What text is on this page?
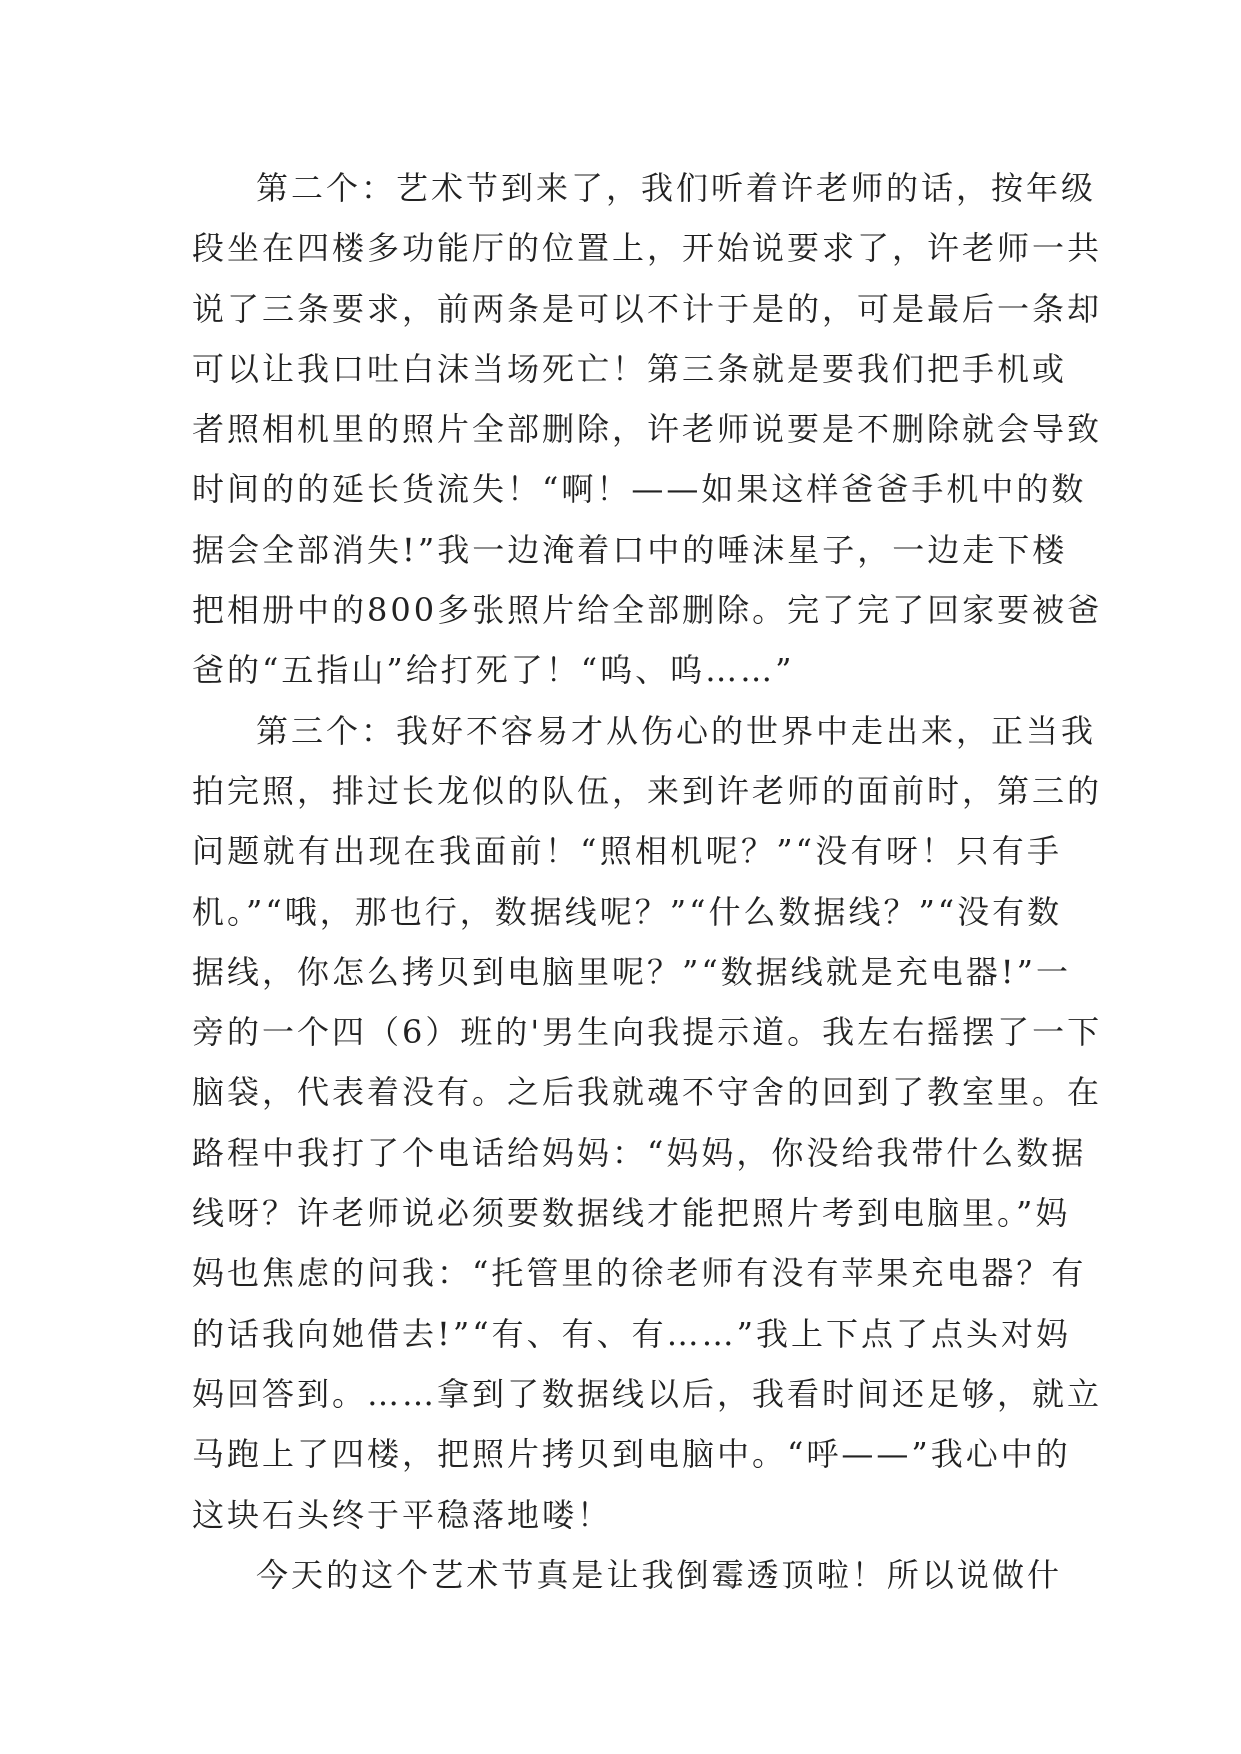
第二个：艺术节到来了，我们听着许老师的话，按年级
段坐在四楼多功能厅的位置上，开始说要求了，许老师一共
说了三条要求，前两条是可以不计于是的，可是最后一条却
可以让我口吐白沫当场死亡！第三条就是要我们把手机或
者照相机里的照片全部删除，许老师说要是不删除就会导致
时间的的延长货流失！“啊！——如果这样爸爸手机中的数
据会全部消失!”我一边淹着口中的唾沫星子，一边走下楼
把相册中的800多张照片给全部删除。完了完了回家要被爸
爸的“五指山”给打死了！“呜、呜……”
第三个：我好不容易才从伤心的世界中走出来，正当我
拍完照，排过长龙似的队伍，来到许老师的面前时，第三的
问题就有出现在我面前！“照相机呢？”“没有呀！只有手
机。”“哦，那也行，数据线呢？”“什么数据线？”“没有数
据线，你怎么拷贝到电脑里呢？”“数据线就是充电器!”一
旁的一个四（6）班的'男生向我提示道。我左右摇摆了一下
脑袋，代表着没有。之后我就魂不守舍的回到了教室里。在
路程中我打了个电话给妈妈：“妈妈，你没给我带什么数据
线呀？许老师说必须要数据线才能把照片考到电脑里。”妈
妈也焦虑的问我：“托管里的徐老师有没有苹果充电器？有
的话我向她借去!”“有、有、有……”我上下点了点头对妈
妈回答到。……拿到了数据线以后，我看时间还足够，就立
马跑上了四楼，把照片拷贝到电脑中。“呼——”我心中的
这块石头终于平稳落地喽！
今天的这个艺术节真是让我倒霉透顶啦！所以说做什
